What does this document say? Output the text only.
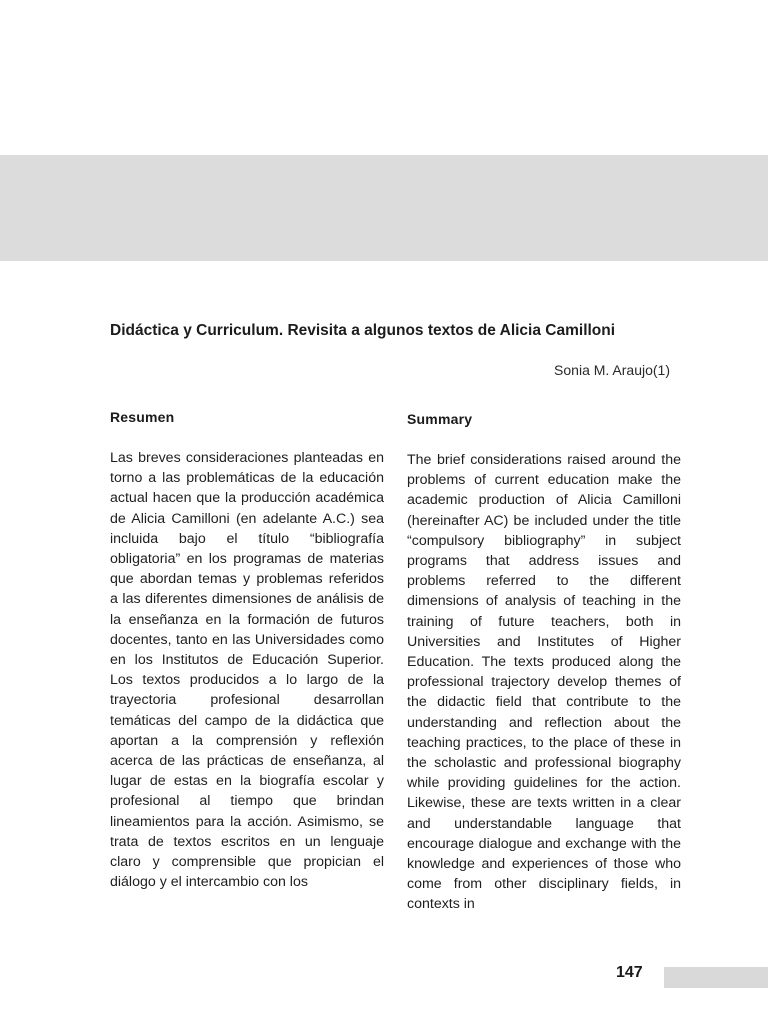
Didáctica y Curriculum. Revisita a algunos textos de Alicia Camilloni
Sonia M. Araujo(1)
Resumen

Las breves consideraciones planteadas en torno a las problemáticas de la educación actual hacen que la producción académica de Alicia Camilloni (en adelante A.C.) sea incluida bajo el título “bibliografía obligatoria” en los programas de materias que abordan temas y problemas referidos a las diferentes dimensiones de análisis de la enseñanza en la formación de futuros docentes, tanto en las Universidades como en los Institutos de Educación Superior. Los textos producidos a lo largo de la trayectoria profesional desarrollan temáticas del campo de la didáctica que aportan a la comprensión y reflexión acerca de las prácticas de enseñanza, al lugar de estas en la biografía escolar y profesional al tiempo que brindan lineamientos para la acción. Asimismo, se trata de textos escritos en un lenguaje claro y comprensible que propician el diálogo y el intercambio con los

Summary

The brief considerations raised around the problems of current education make the academic production of Alicia Camilloni (hereinafter AC) be included under the title “compulsory bibliography” in subject programs that address issues and problems referred to the different dimensions of analysis of teaching in the training of future teachers, both in Universities and Institutes of Higher Education. The texts produced along the professional trajectory develop themes of the didactic field that contribute to the understanding and reflection about the teaching practices, to the place of these in the scholastic and professional biography while providing guidelines for the action. Likewise, these are texts written in a clear and understandable language that encourage dialogue and exchange with the knowledge and experiences of those who come from other disciplinary fields, in contexts in

147
